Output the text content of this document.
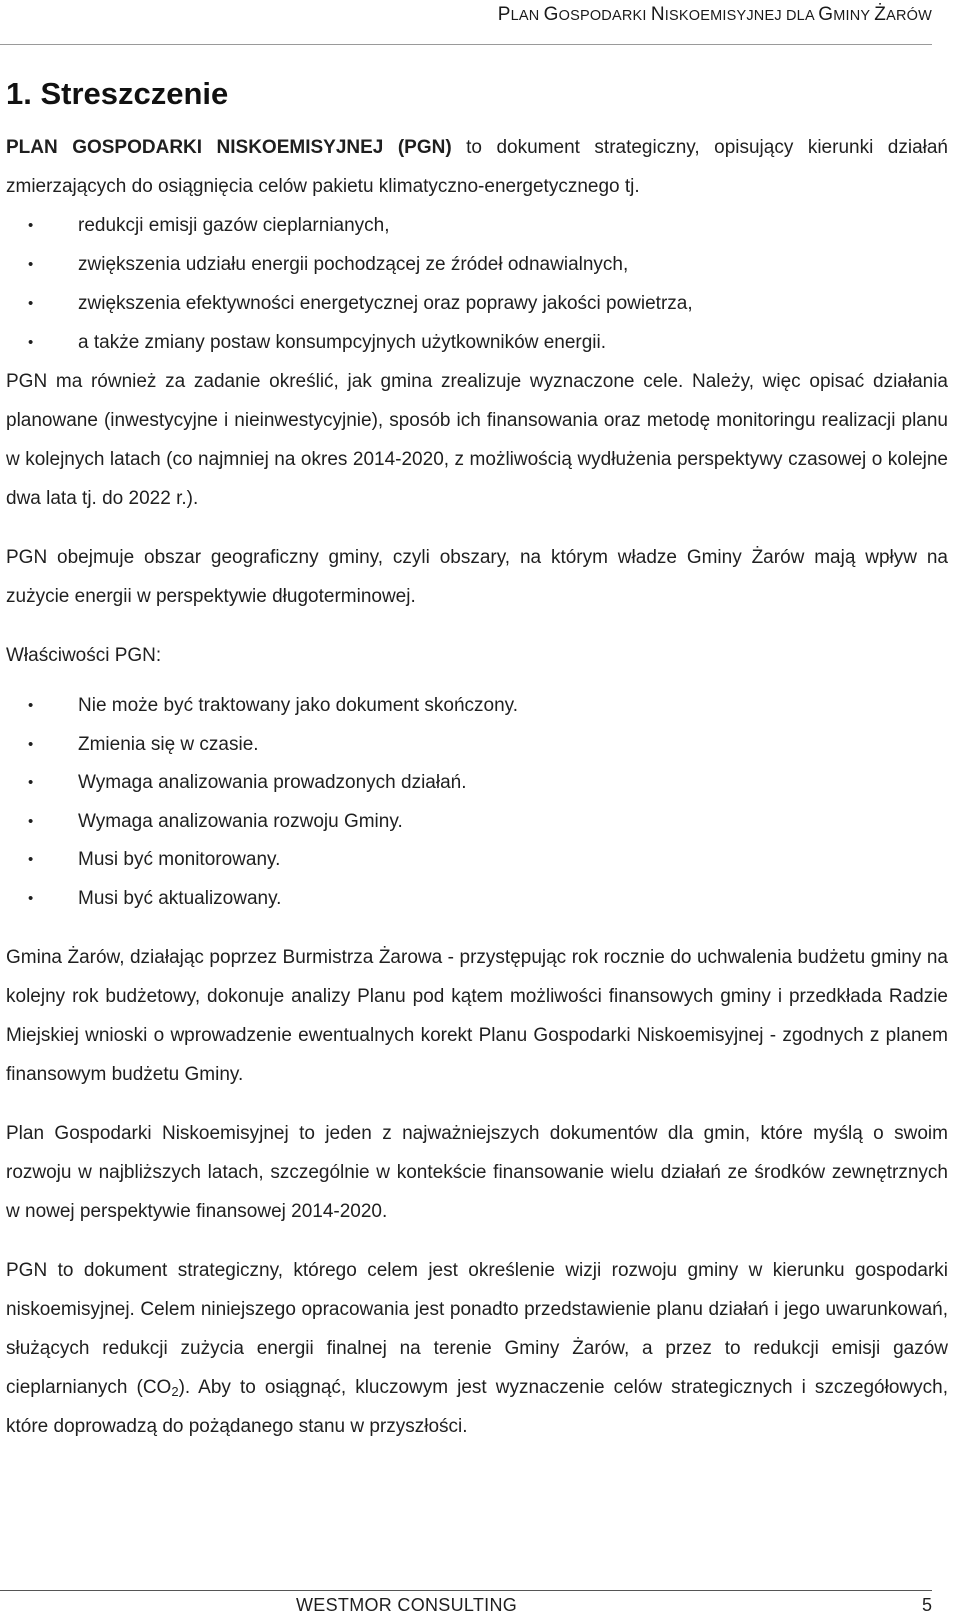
PLAN GOSPODARKI NISKOEMISYJNEJ DLA GMINY ŻARÓW
1. Streszczenie

PLAN GOSPODARKI NISKOEMISYJNEJ (PGN) to dokument strategiczny, opisujący kierunki działań zmierzających do osiągnięcia celów pakietu klimatyczno-energetycznego tj.

• redukcji emisji gazów cieplarnianych,
• zwiększenia udziału energii pochodzącej ze źródeł odnawialnych,
• zwiększenia efektywności energetycznej oraz poprawy jakości powietrza,
• a także zmiany postaw konsumpcyjnych użytkowników energii.

PGN ma również za zadanie określić, jak gmina zrealizuje wyznaczone cele. Należy, więc opisać działania planowane (inwestycyjne i nieinwestycyjnie), sposób ich finansowania oraz metodę monitoringu realizacji planu w kolejnych latach (co najmniej na okres 2014-2020, z możliwością wydłużenia perspektywy czasowej o kolejne dwa lata tj. do 2022 r.).

PGN obejmuje obszar geograficzny gminy, czyli obszary, na którym władze Gminy Żarów mają wpływ na zużycie energii w perspektywie długoterminowej.

Właściwości PGN:

• Nie może być traktowany jako dokument skończony.
• Zmienia się w czasie.
• Wymaga analizowania prowadzonych działań.
• Wymaga analizowania rozwoju Gminy.
• Musi być monitorowany.
• Musi być aktualizowany.

Gmina Żarów, działając poprzez Burmistrza Żarowa - przystępując rok rocznie do uchwalenia budżetu gminy na kolejny rok budżetowy, dokonuje analizy Planu pod kątem możliwości finansowych gminy i przedkłada Radzie Miejskiej wnioski o wprowadzenie ewentualnych korekt Planu Gospodarki Niskoemisyjnej - zgodnych z planem finansowym budżetu Gminy.

Plan Gospodarki Niskoemisyjnej to jeden z najważniejszych dokumentów dla gmin, które myślą o swoim rozwoju w najbliższych latach, szczególnie w kontekście finansowanie wielu działań ze środków zewnętrznych w nowej perspektywie finansowej 2014-2020.

PGN to dokument strategiczny, którego celem jest określenie wizji rozwoju gminy w kierunku gospodarki niskoemisyjnej. Celem niniejszego opracowania jest ponadto przedstawienie planu działań i jego uwarunkowań, służących redukcji zużycia energii finalnej na terenie Gminy Żarów, a przez to redukcji emisji gazów cieplarnianych $(CO_2)$. Aby to osiągnąć, kluczowym jest wyznaczenie celów strategicznych i szczegółowych, które doprowadzą do pożądanego stanu w przyszłości.

WESTMOR CONSULTING	5
